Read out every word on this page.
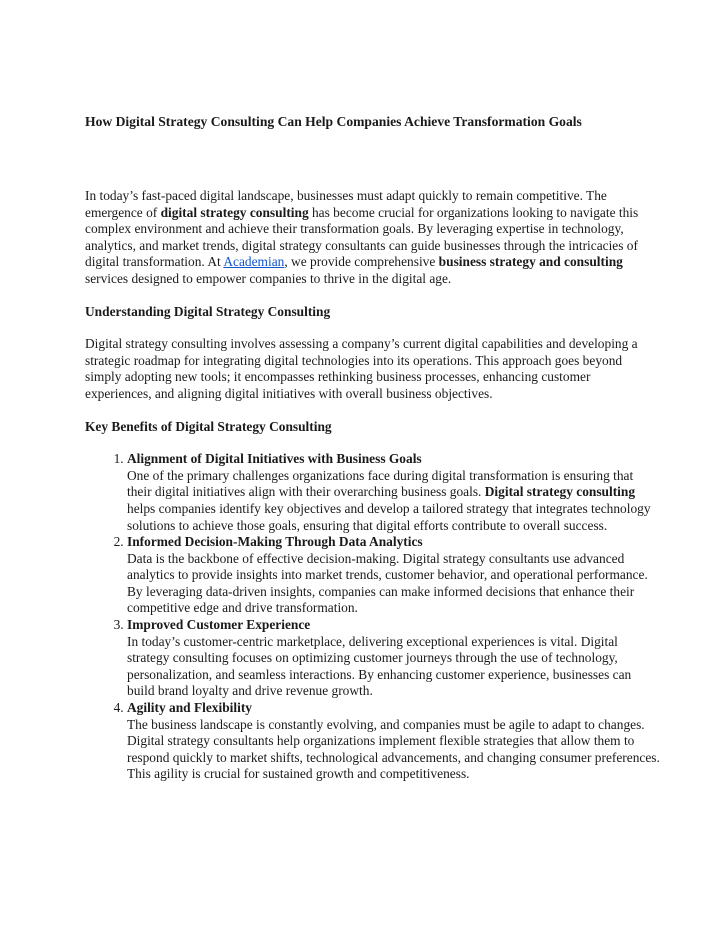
How Digital Strategy Consulting Can Help Companies Achieve Transformation Goals

In today’s fast-paced digital landscape, businesses must adapt quickly to remain competitive. The emergence of digital strategy consulting has become crucial for organizations looking to navigate this complex environment and achieve their transformation goals. By leveraging expertise in technology, analytics, and market trends, digital strategy consultants can guide businesses through the intricacies of digital transformation. At Academian, we provide comprehensive business strategy and consulting services designed to empower companies to thrive in the digital age.

Understanding Digital Strategy Consulting

Digital strategy consulting involves assessing a company’s current digital capabilities and developing a strategic roadmap for integrating digital technologies into its operations. This approach goes beyond simply adopting new tools; it encompasses rethinking business processes, enhancing customer experiences, and aligning digital initiatives with overall business objectives.

Key Benefits of Digital Strategy Consulting
1. Alignment of Digital Initiatives with Business Goals
One of the primary challenges organizations face during digital transformation is ensuring that their digital initiatives align with their overarching business goals. Digital strategy consulting helps companies identify key objectives and develop a tailored strategy that integrates technology solutions to achieve those goals, ensuring that digital efforts contribute to overall success.
2. Informed Decision-Making Through Data Analytics
Data is the backbone of effective decision-making. Digital strategy consultants use advanced analytics to provide insights into market trends, customer behavior, and operational performance. By leveraging data-driven insights, companies can make informed decisions that enhance their competitive edge and drive transformation.
3. Improved Customer Experience
In today’s customer-centric marketplace, delivering exceptional experiences is vital. Digital strategy consulting focuses on optimizing customer journeys through the use of technology, personalization, and seamless interactions. By enhancing customer experience, businesses can build brand loyalty and drive revenue growth.
4. Agility and Flexibility
The business landscape is constantly evolving, and companies must be agile to adapt to changes. Digital strategy consultants help organizations implement flexible strategies that allow them to respond quickly to market shifts, technological advancements, and changing consumer preferences. This agility is crucial for sustained growth and competitiveness.
